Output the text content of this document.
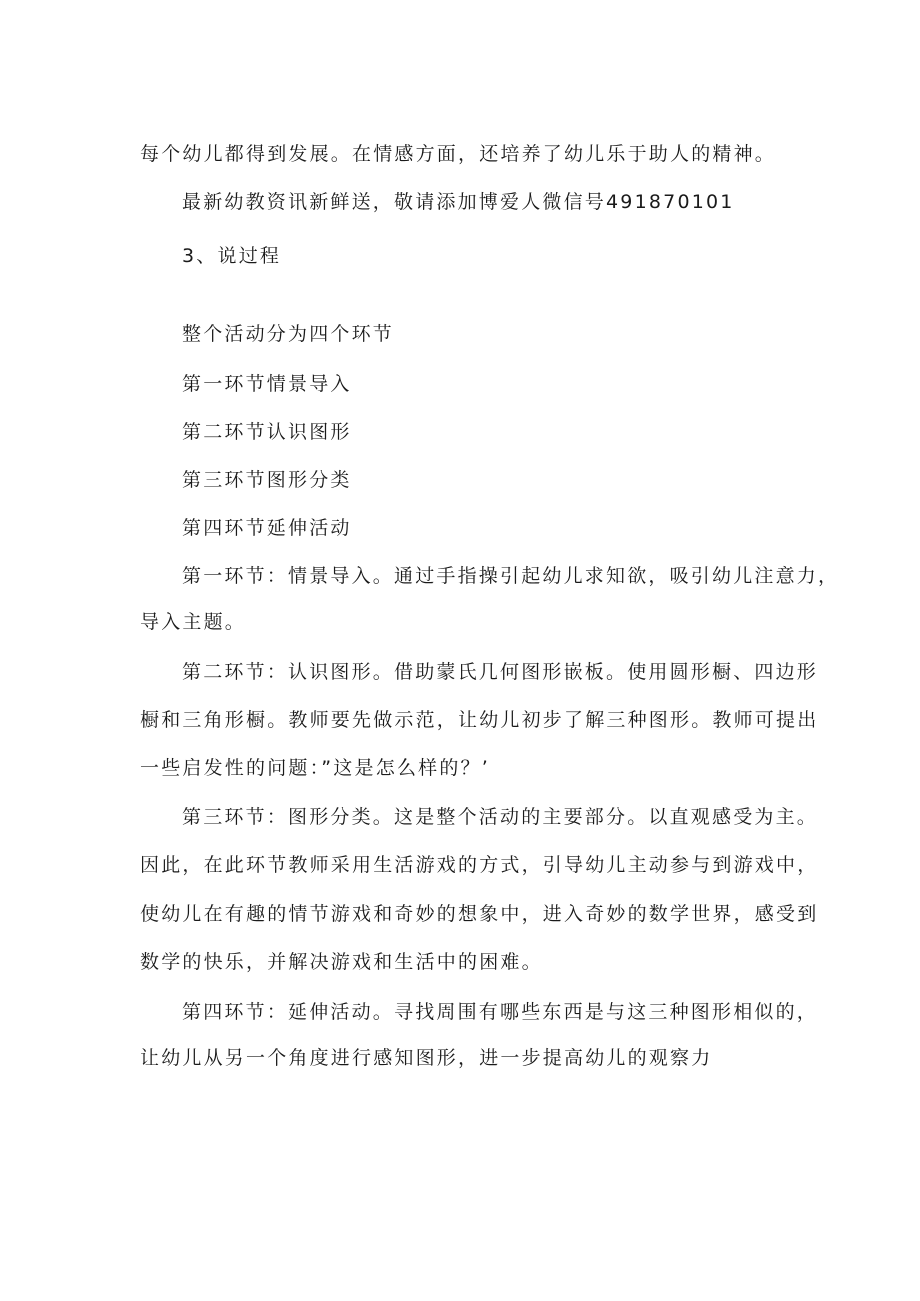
每个幼儿都得到发展。在情感方面，还培养了幼儿乐于助人的精神。
最新幼教资讯新鲜送，敬请添加博爱人微信号491870101
3、说过程
整个活动分为四个环节
第一环节情景导入
第二环节认识图形
第三环节图形分类
第四环节延伸活动
第一环节：情景导入。通过手指操引起幼儿求知欲，吸引幼儿注意力，
导入主题。
第二环节：认识图形。借助蒙氏几何图形嵌板。使用圆形橱、四边形
橱和三角形橱。教师要先做示范，让幼儿初步了解三种图形。教师可提出
一些启发性的问题：”这是怎么样的？’
第三环节：图形分类。这是整个活动的主要部分。以直观感受为主。
因此，在此环节教师采用生活游戏的方式，引导幼儿主动参与到游戏中，
使幼儿在有趣的情节游戏和奇妙的想象中，进入奇妙的数学世界，感受到
数学的快乐，并解决游戏和生活中的困难。
第四环节：延伸活动。寻找周围有哪些东西是与这三种图形相似的，
让幼儿从另一个角度进行感知图形，进一步提高幼儿的观察力
